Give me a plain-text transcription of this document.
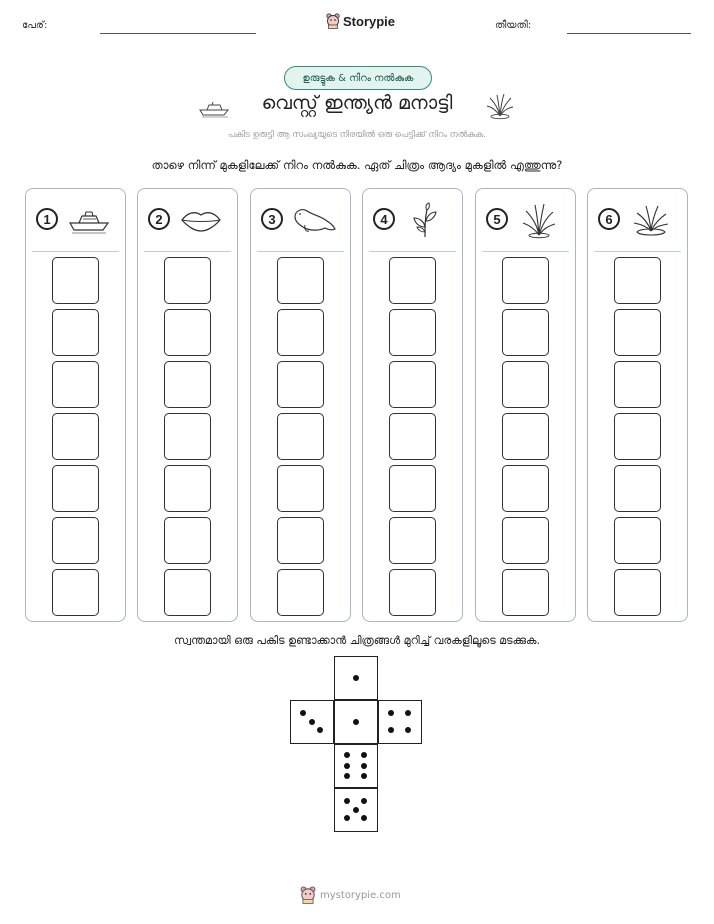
പേര്:	Storypie	തീയതി:
ഉരുട്ടുക & നിറം നൽകുക
വെസ്റ്റ് ഇന്ത്യൻ മനാട്ടി
പകിട ഉരുട്ടി ആ സംഖ്യയുടെ നിരയിൽ ഒരു പെട്ടിക്ക് നിറം നൽകുക.
താഴെ നിന്ന് മുകളിലേക്ക് നിറം നൽകുക. ഏത് ചിത്രം ആദ്യം മുകളിൽ എത്തുന്നു?
1	2	3	4	5	6
സ്വന്തമായി ഒരു പകിട ഉണ്ടാക്കാൻ ചിത്രങ്ങൾ മുറിച്ച് വരകളിലൂടെ മടക്കുക.
mystorypie.com
